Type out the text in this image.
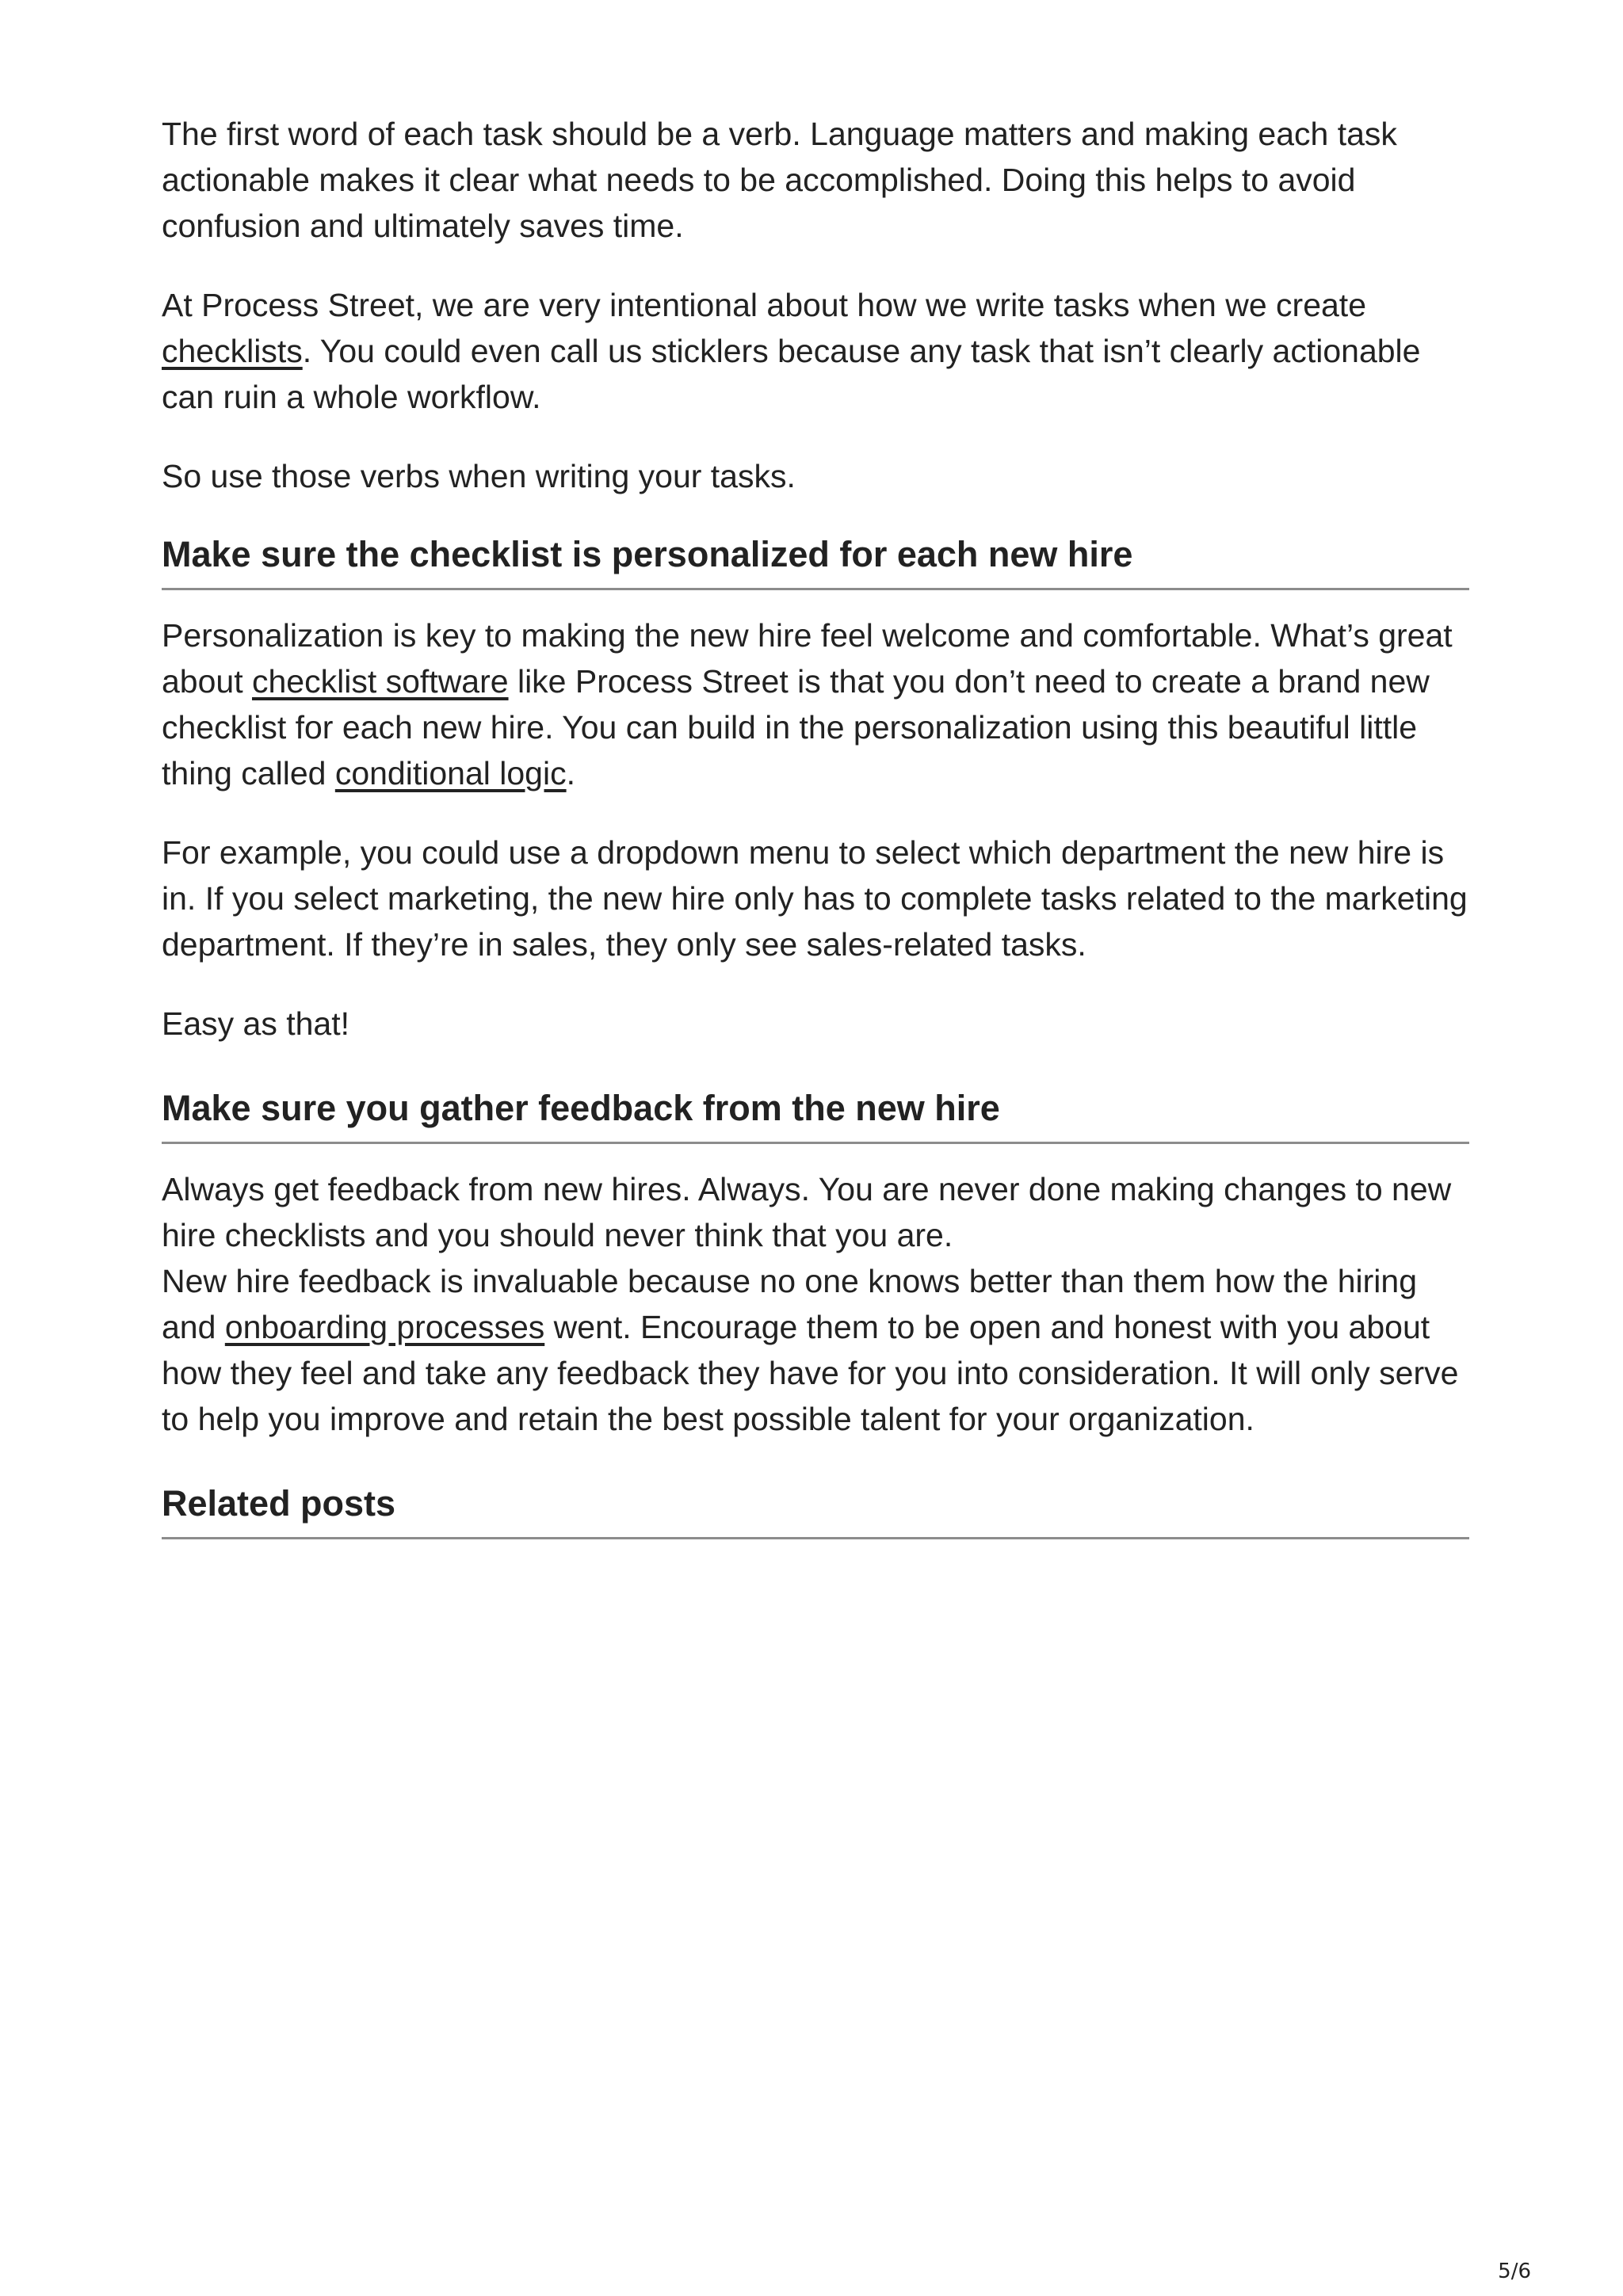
The first word of each task should be a verb. Language matters and making each task actionable makes it clear what needs to be accomplished. Doing this helps to avoid confusion and ultimately saves time.

At Process Street, we are very intentional about how we write tasks when we create checklists. You could even call us sticklers because any task that isn’t clearly actionable can ruin a whole workflow.

So use those verbs when writing your tasks.

Make sure the checklist is personalized for each new hire

Personalization is key to making the new hire feel welcome and comfortable. What’s great about checklist software like Process Street is that you don’t need to create a brand new checklist for each new hire. You can build in the personalization using this beautiful little thing called conditional logic.

For example, you could use a dropdown menu to select which department the new hire is in. If you select marketing, the new hire only has to complete tasks related to the marketing department. If they’re in sales, they only see sales-related tasks.

Easy as that!

Make sure you gather feedback from the new hire

Always get feedback from new hires. Always. You are never done making changes to new hire checklists and you should never think that you are.

New hire feedback is invaluable because no one knows better than them how the hiring and onboarding processes went. Encourage them to be open and honest with you about how they feel and take any feedback they have for you into consideration. It will only serve to help you improve and retain the best possible talent for your organization.

Related posts
5/6
